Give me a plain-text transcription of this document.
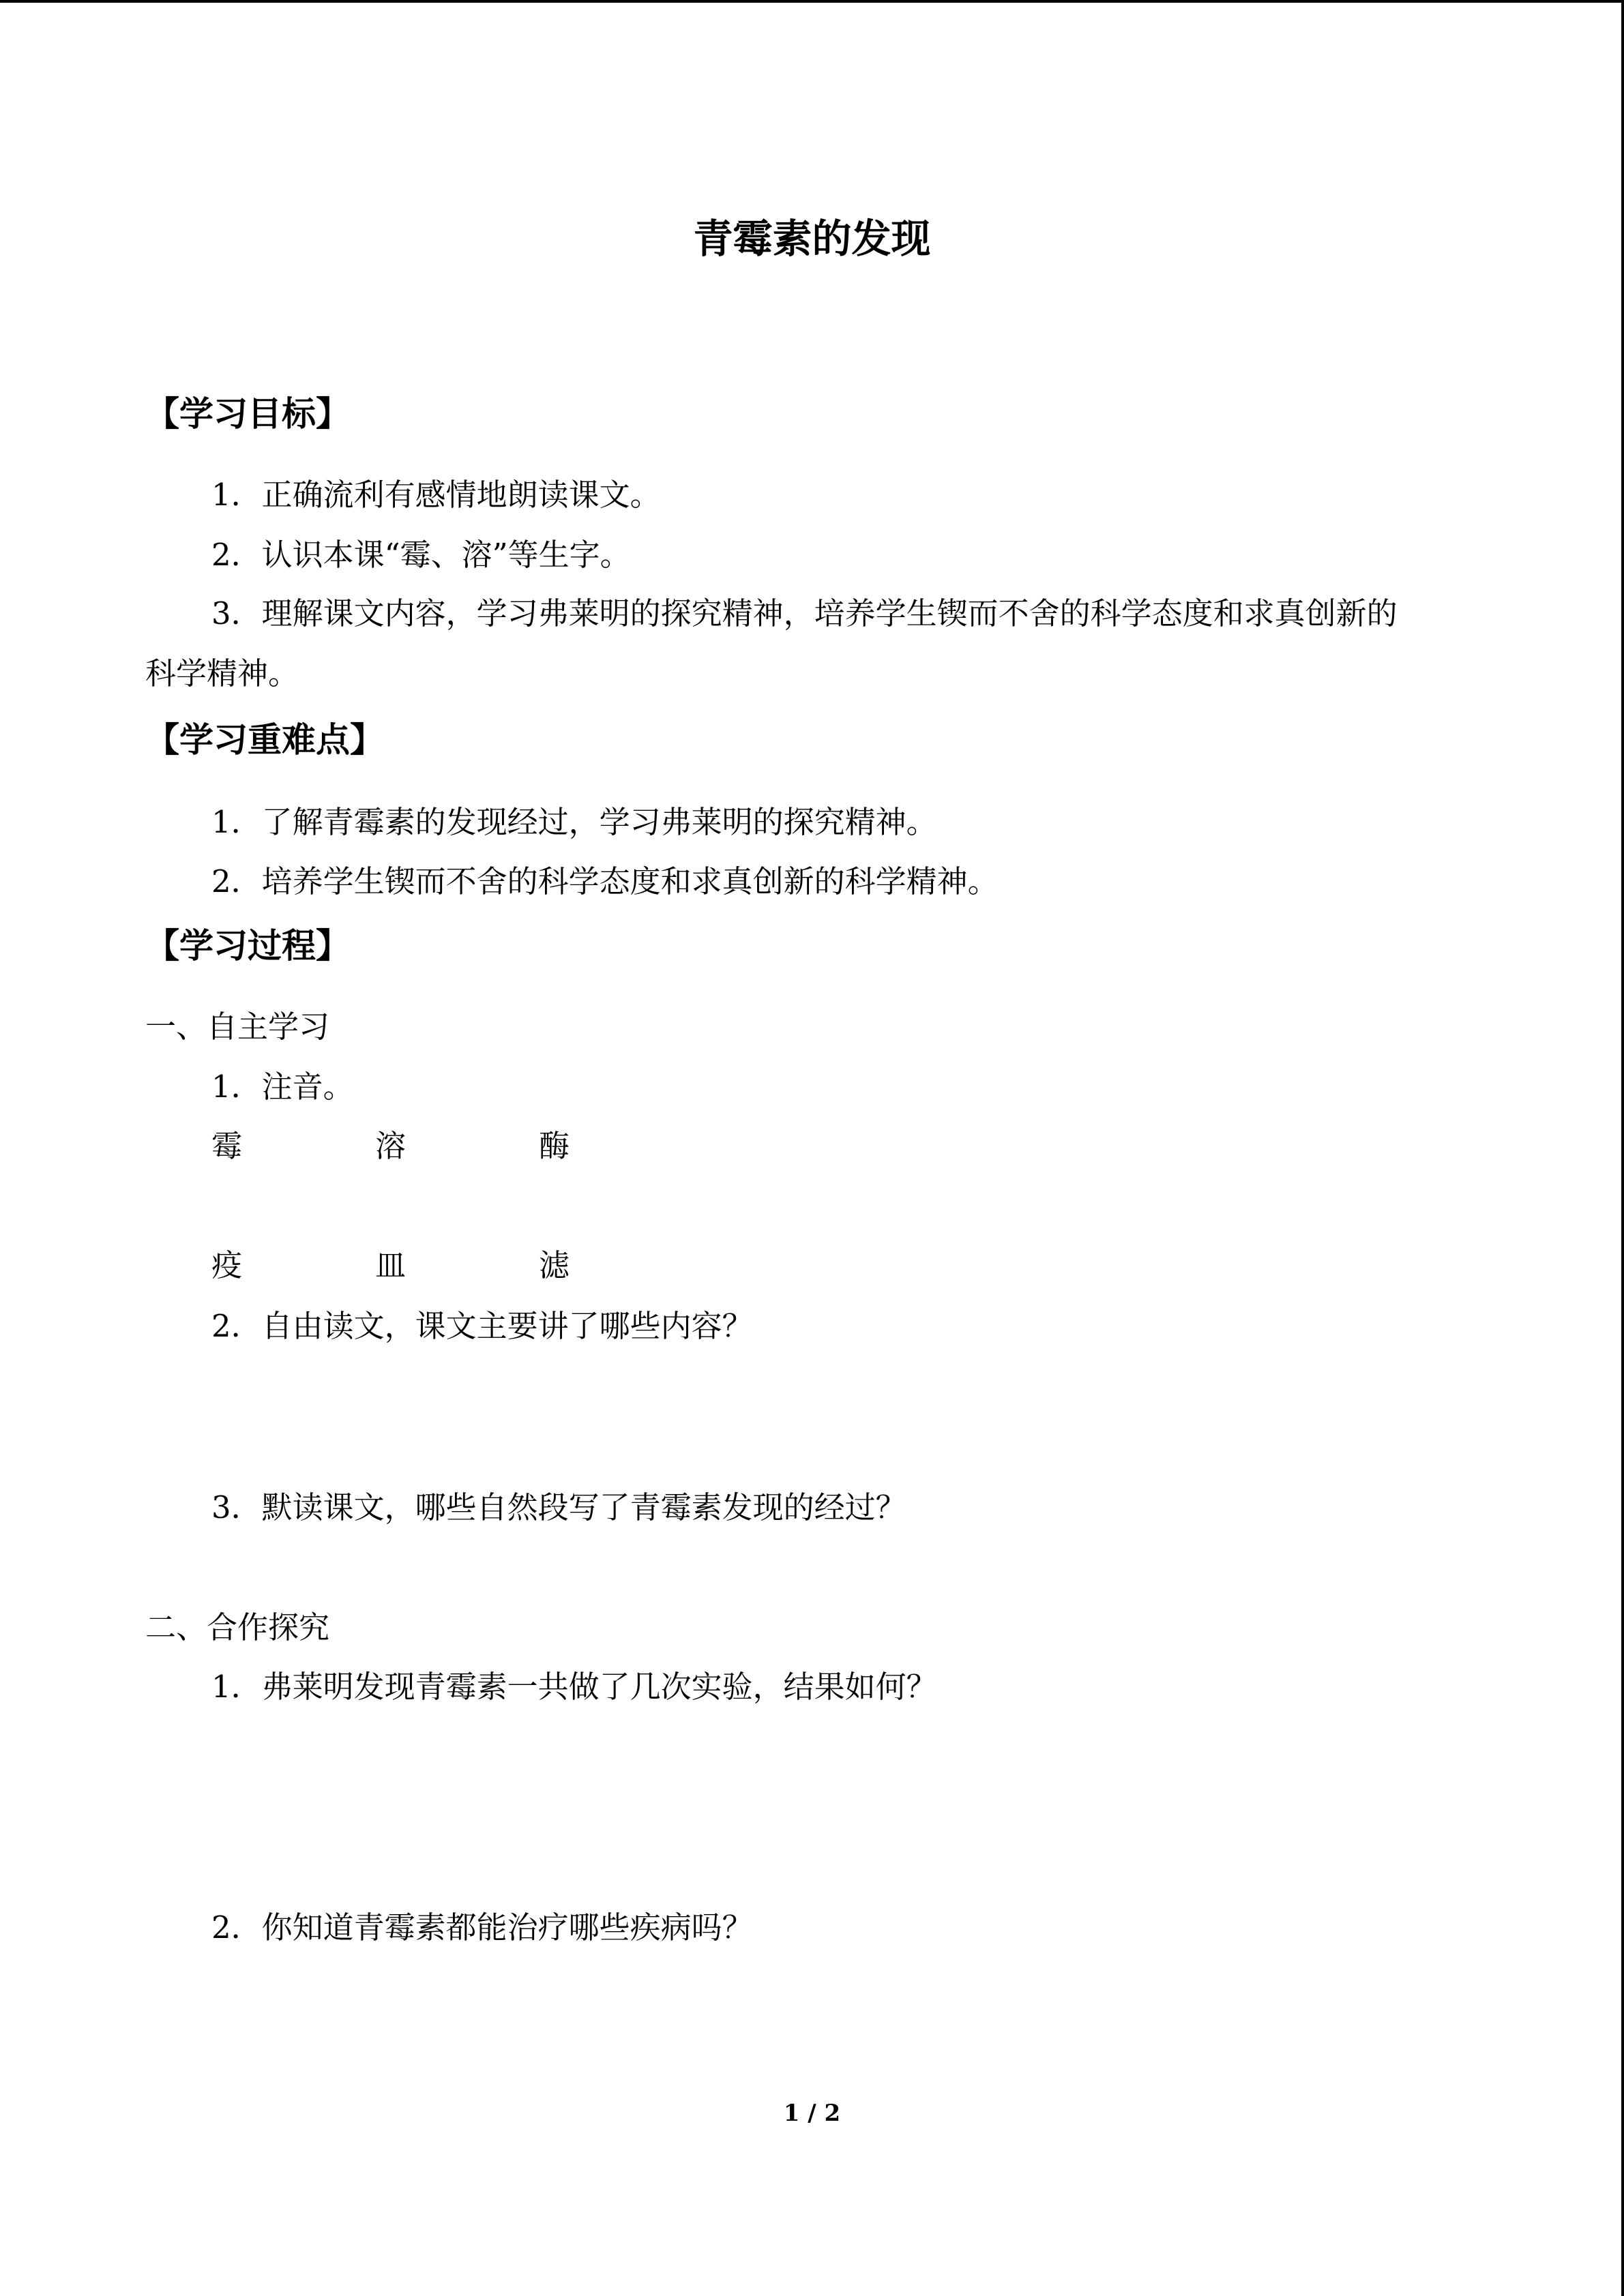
青霉素的发现
【学习目标】
1．正确流利有感情地朗读课文。
2．认识本课“霉、溶”等生字。
3．理解课文内容，学习弗莱明的探究精神，培养学生锲而不舍的科学态度和求真创新的
科学精神。
【学习重难点】
1．了解青霉素的发现经过，学习弗莱明的探究精神。
2．培养学生锲而不舍的科学态度和求真创新的科学精神。
【学习过程】
一、自主学习
1．注音。
霉	溶	酶
疫	皿	滤
2．自由读文，课文主要讲了哪些内容？
3．默读课文，哪些自然段写了青霉素发现的经过？
二、合作探究
1．弗莱明发现青霉素一共做了几次实验，结果如何？
2．你知道青霉素都能治疗哪些疾病吗？
1 / 2
